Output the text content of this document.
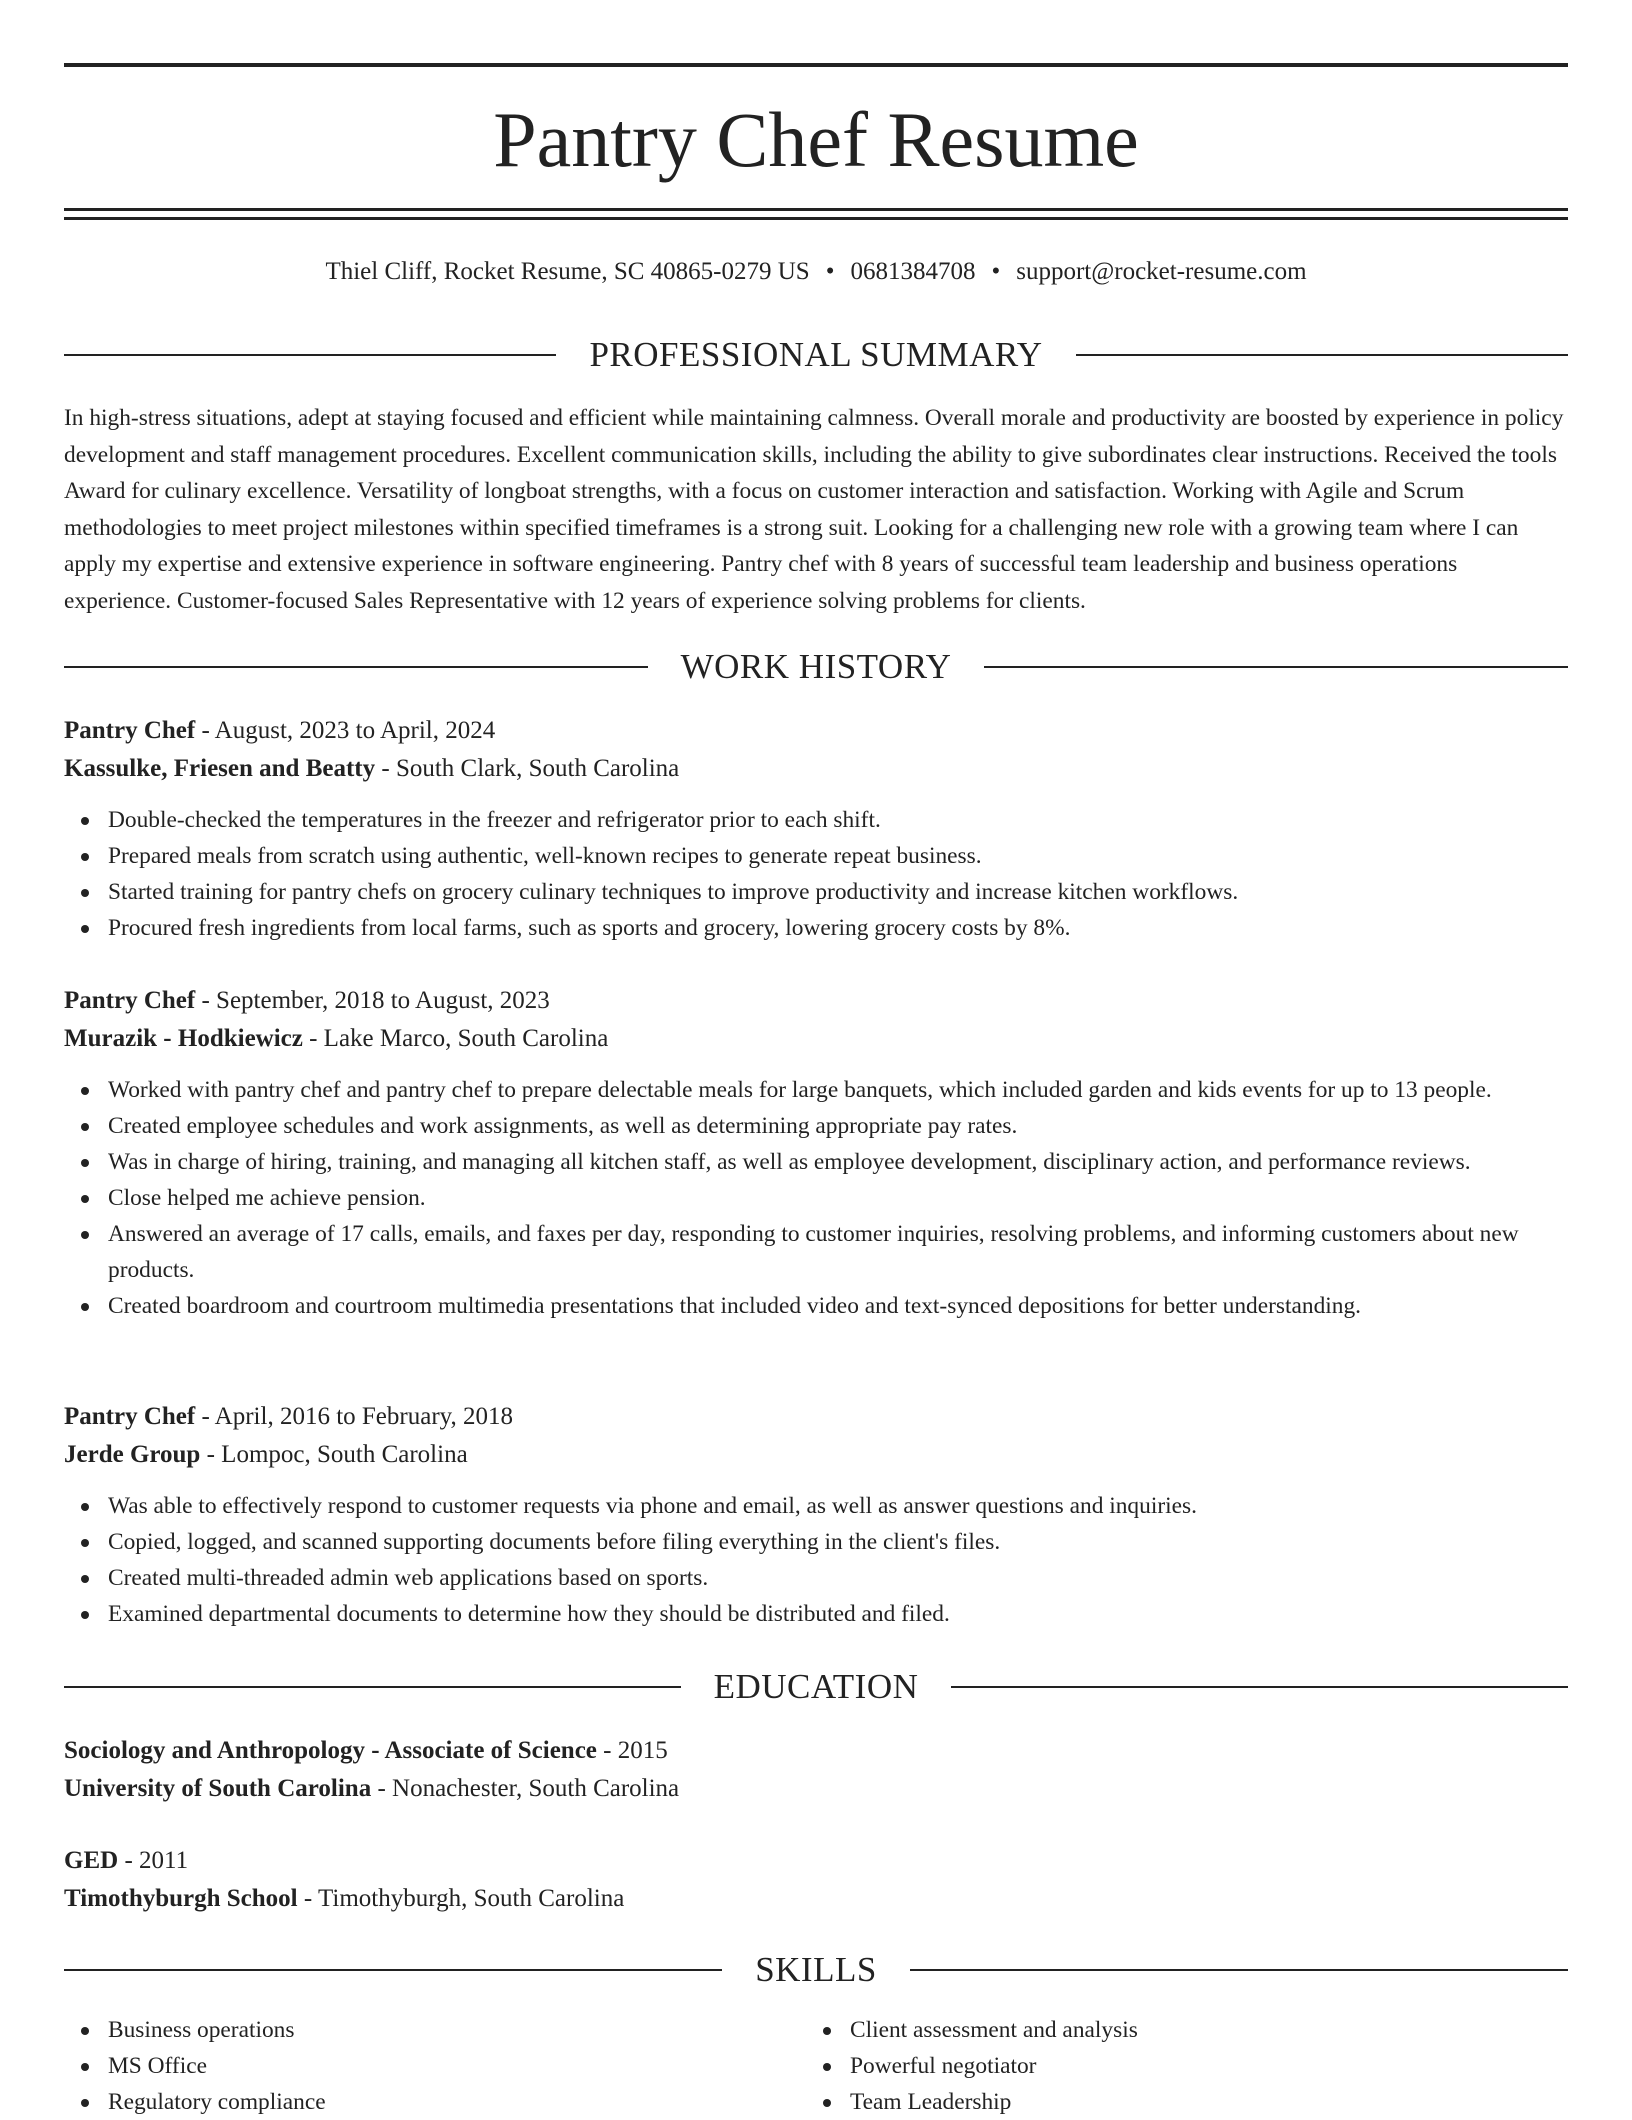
Pantry Chef Resume
Thiel Cliff, Rocket Resume, SC 40865-0279 US • 0681384708 • support@rocket-resume.com
PROFESSIONAL SUMMARY
In high-stress situations, adept at staying focused and efficient while maintaining calmness. Overall morale and productivity are boosted by experience in policy development and staff management procedures. Excellent communication skills, including the ability to give subordinates clear instructions. Received the tools Award for culinary excellence. Versatility of longboat strengths, with a focus on customer interaction and satisfaction. Working with Agile and Scrum methodologies to meet project milestones within specified timeframes is a strong suit. Looking for a challenging new role with a growing team where I can apply my expertise and extensive experience in software engineering. Pantry chef with 8 years of successful team leadership and business operations experience. Customer-focused Sales Representative with 12 years of experience solving problems for clients.
WORK HISTORY
Pantry Chef - August, 2023 to April, 2024
Kassulke, Friesen and Beatty - South Clark, South Carolina
Double-checked the temperatures in the freezer and refrigerator prior to each shift.
Prepared meals from scratch using authentic, well-known recipes to generate repeat business.
Started training for pantry chefs on grocery culinary techniques to improve productivity and increase kitchen workflows.
Procured fresh ingredients from local farms, such as sports and grocery, lowering grocery costs by 8%.
Pantry Chef - September, 2018 to August, 2023
Murazik - Hodkiewicz - Lake Marco, South Carolina
Worked with pantry chef and pantry chef to prepare delectable meals for large banquets, which included garden and kids events for up to 13 people.
Created employee schedules and work assignments, as well as determining appropriate pay rates.
Was in charge of hiring, training, and managing all kitchen staff, as well as employee development, disciplinary action, and performance reviews.
Close helped me achieve pension.
Answered an average of 17 calls, emails, and faxes per day, responding to customer inquiries, resolving problems, and informing customers about new products.
Created boardroom and courtroom multimedia presentations that included video and text-synced depositions for better understanding.
Pantry Chef - April, 2016 to February, 2018
Jerde Group - Lompoc, South Carolina
Was able to effectively respond to customer requests via phone and email, as well as answer questions and inquiries.
Copied, logged, and scanned supporting documents before filing everything in the client's files.
Created multi-threaded admin web applications based on sports.
Examined departmental documents to determine how they should be distributed and filed.
EDUCATION
Sociology and Anthropology - Associate of Science - 2015
University of South Carolina - Nonachester, South Carolina
GED - 2011
Timothyburgh School - Timothyburgh, South Carolina
SKILLS
Business operations
MS Office
Regulatory compliance
Client assessment and analysis
Powerful negotiator
Team Leadership
